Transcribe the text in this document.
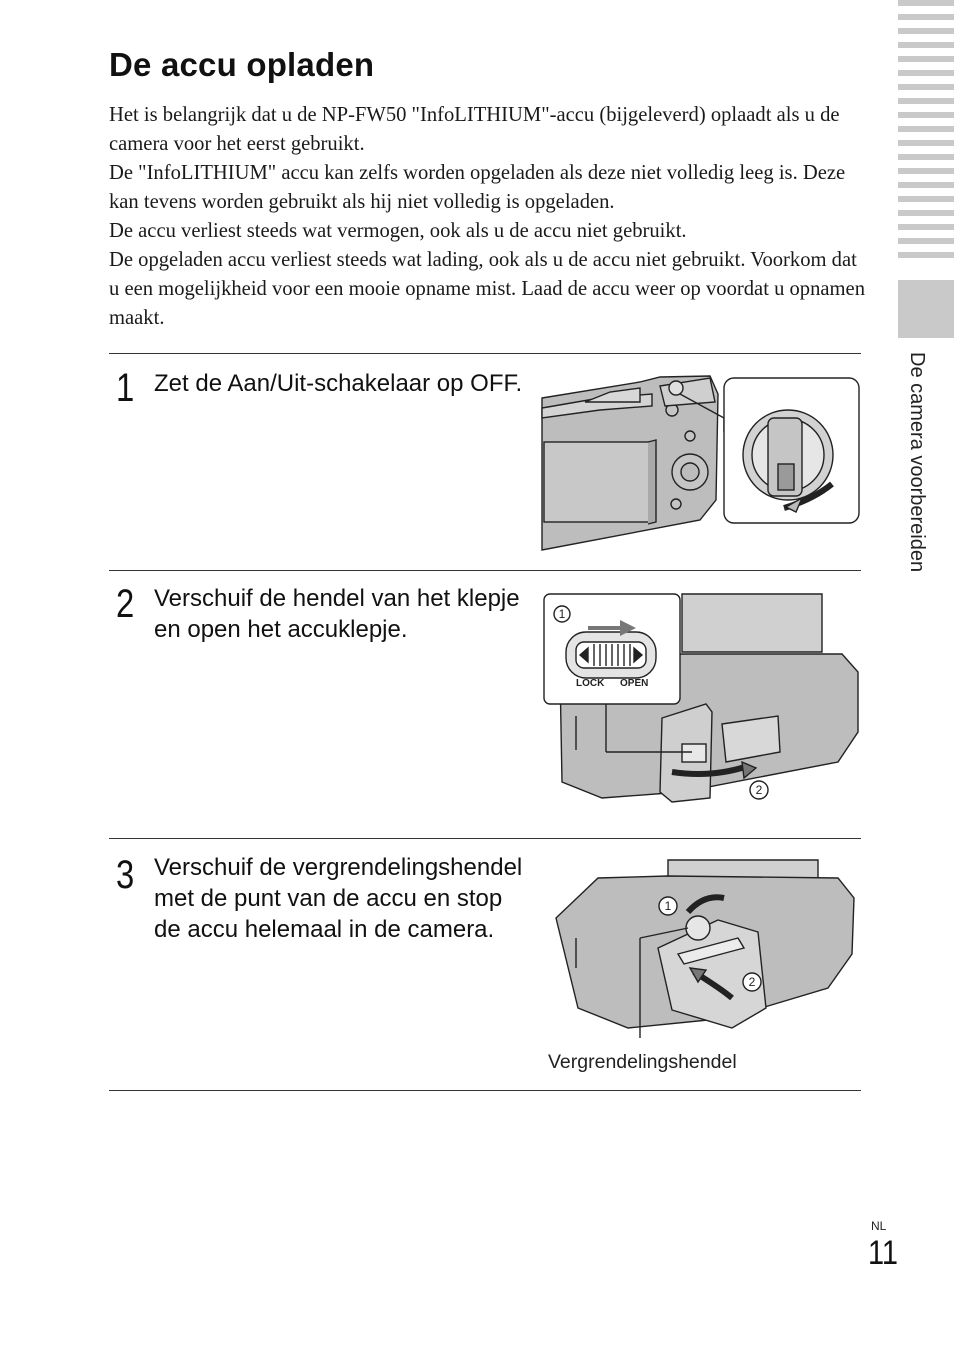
De accu opladen

Het is belangrijk dat u de NP-FW50 "InfoLITHIUM"-accu (bijgeleverd) oplaadt als u de camera voor het eerst gebruikt.

De "InfoLITHIUM" accu kan zelfs worden opgeladen als deze niet volledig leeg is. Deze kan tevens worden gebruikt als hij niet volledig is opgeladen.

De accu verliest steeds wat vermogen, ook als u de accu niet gebruikt.

De opgeladen accu verliest steeds wat lading, ook als u de accu niet gebruikt. Voorkom dat u een mogelijkheid voor een mooie opname mist. Laad de accu weer op voordat u opnamen maakt.

1 Zet de Aan/Uit-schakelaar op OFF.
2 Verschuif de hendel van het klepje en open het accuklepje.
1
2
LOCK OPEN
3 Verschuif de vergrendelingshendel met de punt van de accu en stop de accu helemaal in de camera.
1
2
Vergrendelingshendel
De camera voorbereiden
NL
11
